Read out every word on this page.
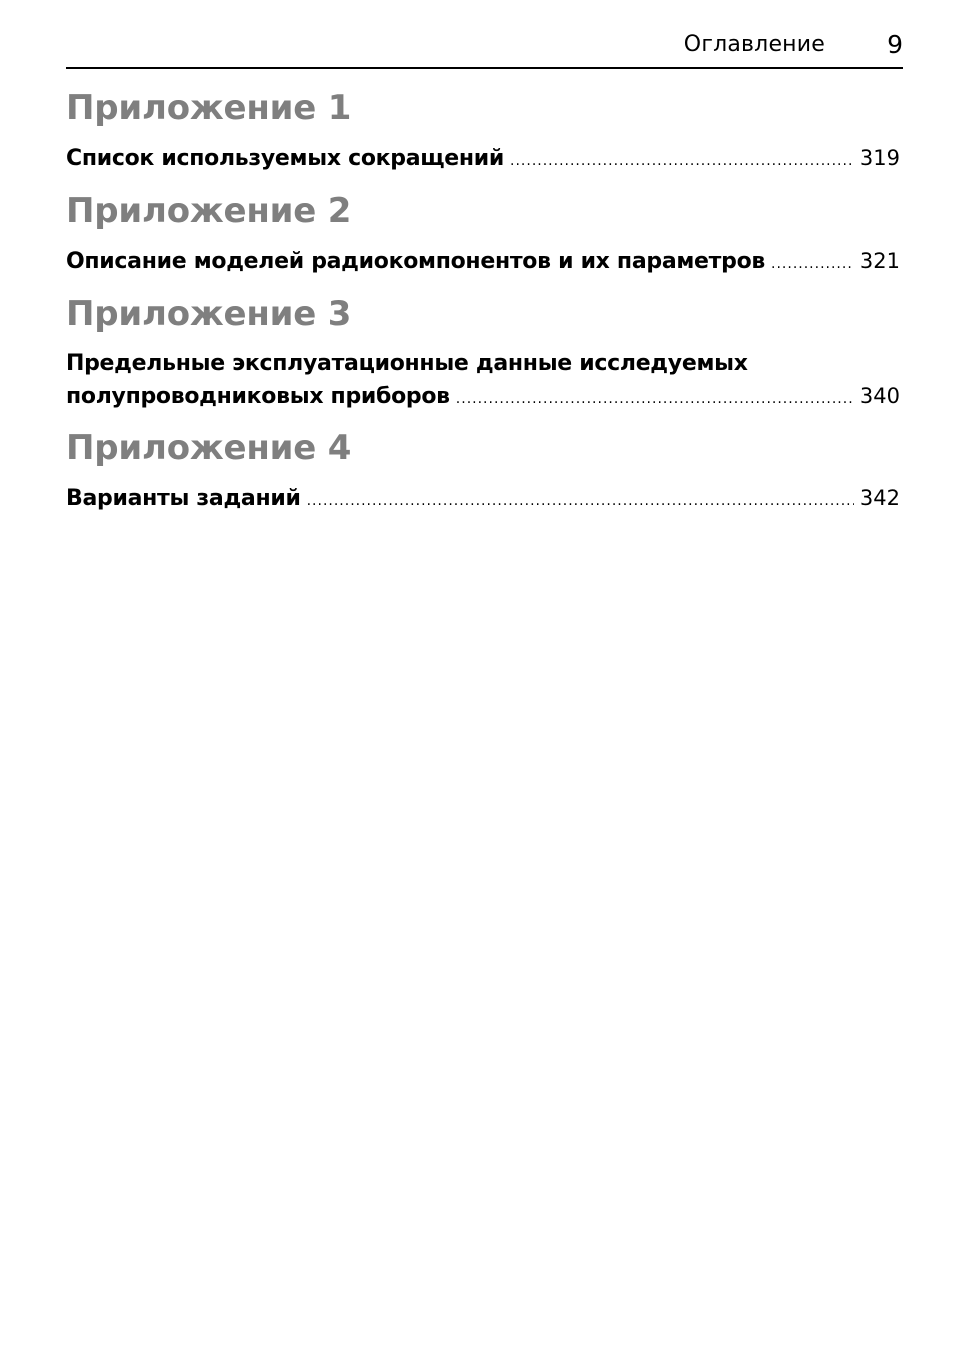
Оглавление 9
Приложение 1
Список используемых сокращений .....	319
Приложение 2
Описание моделей радиокомпонентов и их параметров .....	321
Приложение 3
Предельные эксплуатационные данные исследуемых
полупроводниковых приборов .....	340
Приложение 4
Варианты заданий .....	342
